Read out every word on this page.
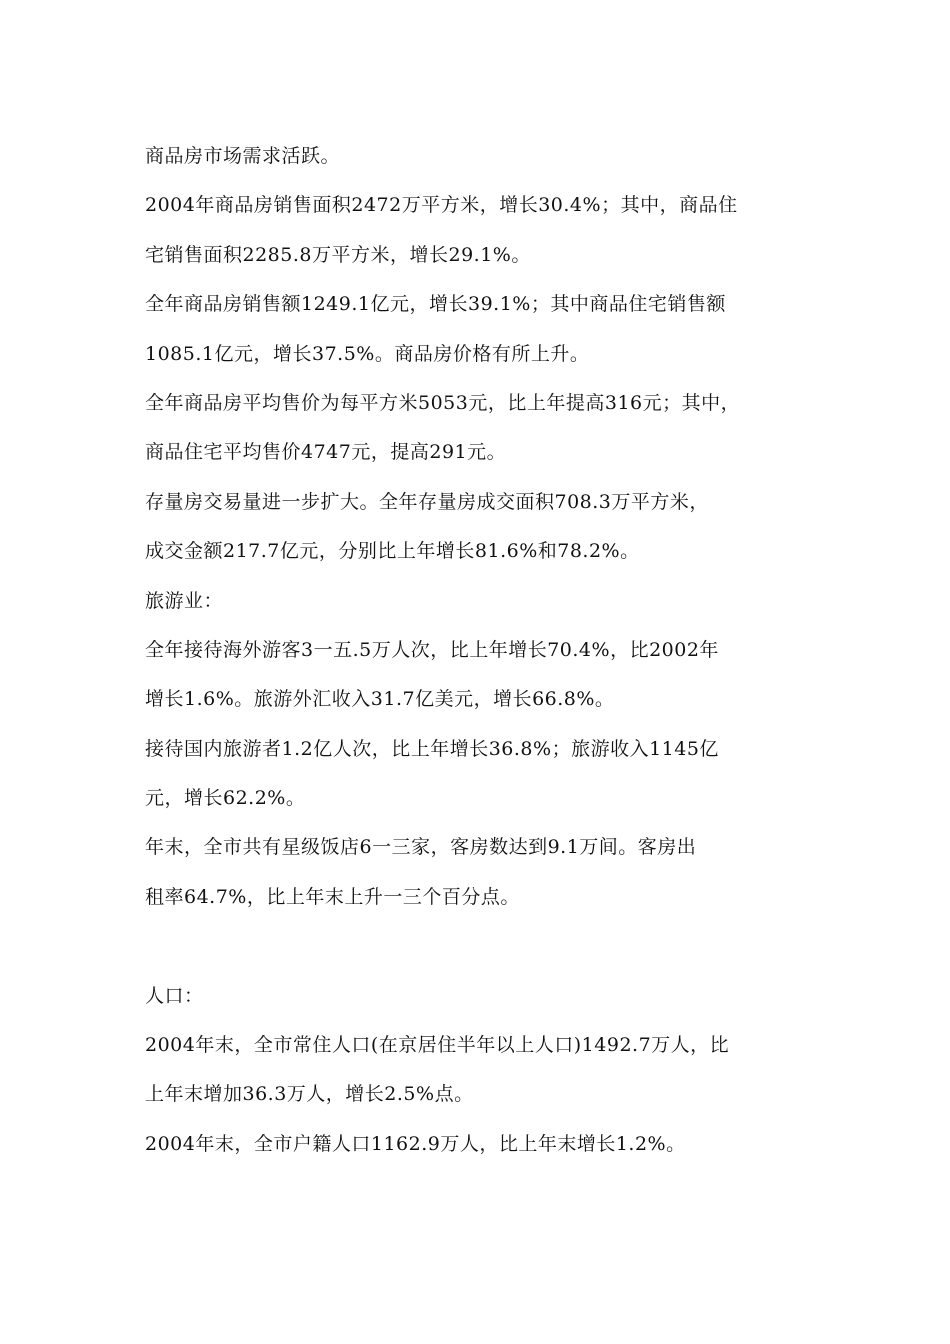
商品房市场需求活跃。
2004年商品房销售面积2472万平方米，增长30.4%；其中，商品住
宅销售面积2285.8万平方米，增长29.1%。
全年商品房销售额1249.1亿元，增长39.1%；其中商品住宅销售额
1085.1亿元，增长37.5%。商品房价格有所上升。
全年商品房平均售价为每平方米5053元，比上年提高316元；其中，
商品住宅平均售价4747元，提高291元。
存量房交易量进一步扩大。全年存量房成交面积708.3万平方米，
成交金额217.7亿元，分别比上年增长81.6%和78.2%。
旅游业：
全年接待海外游客3一五.5万人次，比上年增长70.4%，比2002年
增长1.6%。旅游外汇收入31.7亿美元，增长66.8%。
接待国内旅游者1.2亿人次，比上年增长36.8%；旅游收入1145亿
元，增长62.2%。
年末，全市共有星级饭店6一三家，客房数达到9.1万间。客房出
租率64.7%，比上年末上升一三个百分点。
人口：
2004年末，全市常住人口(在京居住半年以上人口)1492.7万人，比
上年末增加36.3万人，增长2.5%点。
2004年末，全市户籍人口1162.9万人，比上年末增长1.2%。
